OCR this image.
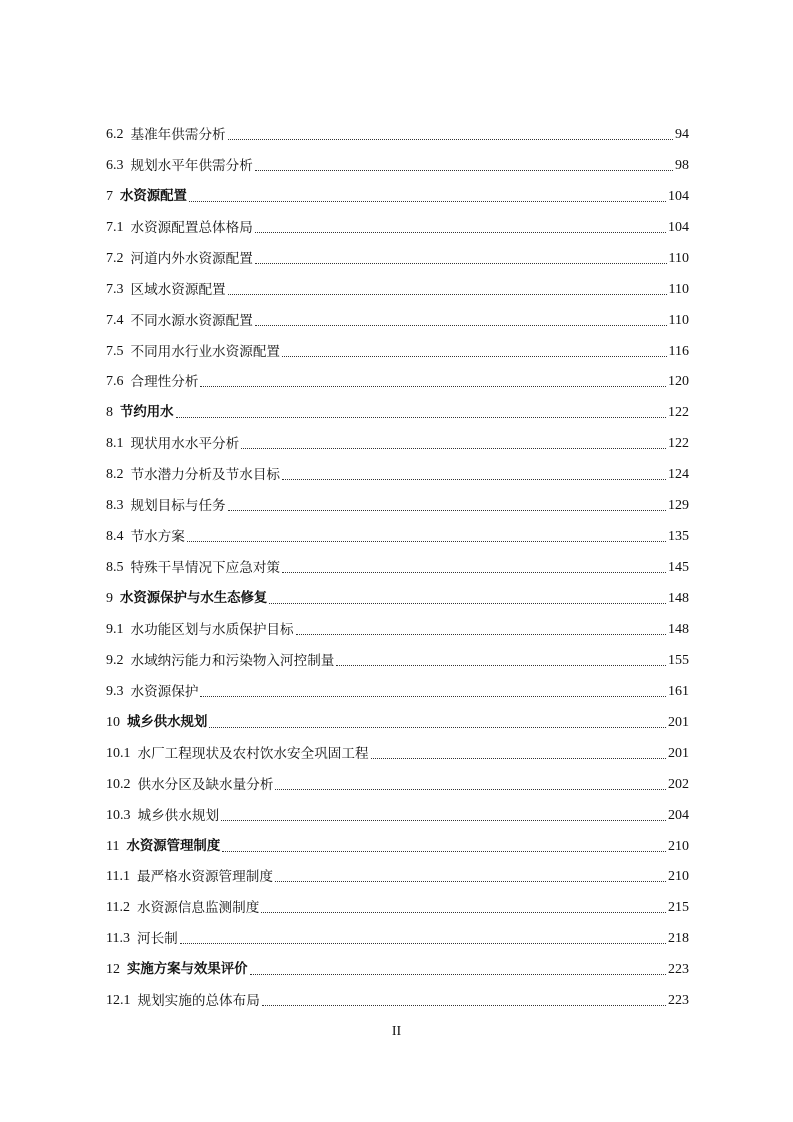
6.2 基准年供需分析	94
6.3 规划水平年供需分析	98
7 水资源配置	104
7.1 水资源配置总体格局	104
7.2 河道内外水资源配置	110
7.3 区域水资源配置	110
7.4 不同水源水资源配置	110
7.5 不同用水行业水资源配置	116
7.6 合理性分析	120
8 节约用水	122
8.1 现状用水水平分析	122
8.2 节水潜力分析及节水目标	124
8.3 规划目标与任务	129
8.4 节水方案	135
8.5 特殊干旱情况下应急对策	145
9 水资源保护与水生态修复	148
9.1 水功能区划与水质保护目标	148
9.2 水域纳污能力和污染物入河控制量	155
9.3 水资源保护	161
10 城乡供水规划	201
10.1 水厂工程现状及农村饮水安全巩固工程	201
10.2 供水分区及缺水量分析	202
10.3 城乡供水规划	204
11 水资源管理制度	210
11.1 最严格水资源管理制度	210
11.2 水资源信息监测制度	215
11.3 河长制	218
12 实施方案与效果评价	223
12.1 规划实施的总体布局	223
II
